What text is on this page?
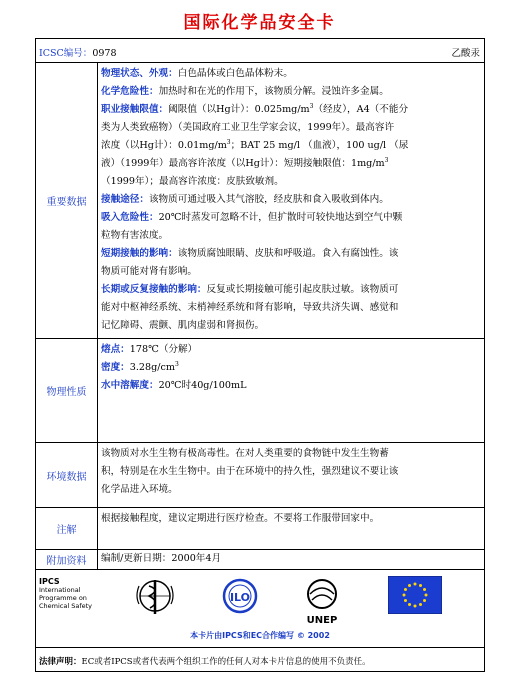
国际化学品安全卡
ICSC编号：0978	乙酸汞
重要数据
物理状态、外观：白色晶体或白色晶体粉末。
化学危险性：加热时和在光的作用下，该物质分解。浸蚀许多金属。
职业接触限值：阈限值（以Hg计）：$0.025mg/m^3$（经皮），A4（不能分
类为人类致癌物）（美国政府工业卫生学家会议，1999年）。最高容许
浓度（以Hg计）：$0.01mg/m^3$；BAT 25 mg/l （血液），100 ug/l （尿
液）（1999年）最高容许浓度（以Hg计）：短期接触限值：$1mg/m^3$
（1999年）；最高容许浓度：皮肤致敏剂。
接触途径：该物质可通过吸入其气溶胶，经皮肤和食入吸收到体内。
吸入危险性：20℃时蒸发可忽略不计，但扩散时可较快地达到空气中颗
粒物有害浓度。
短期接触的影响：该物质腐蚀眼睛、皮肤和呼吸道。食入有腐蚀性。该
物质可能对肾有影响。
长期或反复接触的影响：反复或长期接触可能引起皮肤过敏。该物质可
能对中枢神经系统、末梢神经系统和肾有影响，导致共济失调、感觉和
记忆障碍、震颤、肌肉虚弱和肾损伤。
物理性质
熔点：178℃（分解）
密度：$3.28g/cm^3$
水中溶解度：20℃时40g/100mL
环境数据
该物质对水生生物有极高毒性。在对人类重要的食物链中发生生物蓄
积，特别是在水生生物中。由于在环境中的持久性，强烈建议不要让该
化学品进入环境。
注解
根据接触程度，建议定期进行医疗检查。不要将工作服带回家中。
附加资料	编制/更新日期：2000年4月
IPCS
International
Programme on
Chemical Safety
ILO
UNEP
本卡片由IPCS和EC合作编写 © 2002
法律声明：EC或者IPCS或者代表两个组织工作的任何人对本卡片信息的使用不负责任。
